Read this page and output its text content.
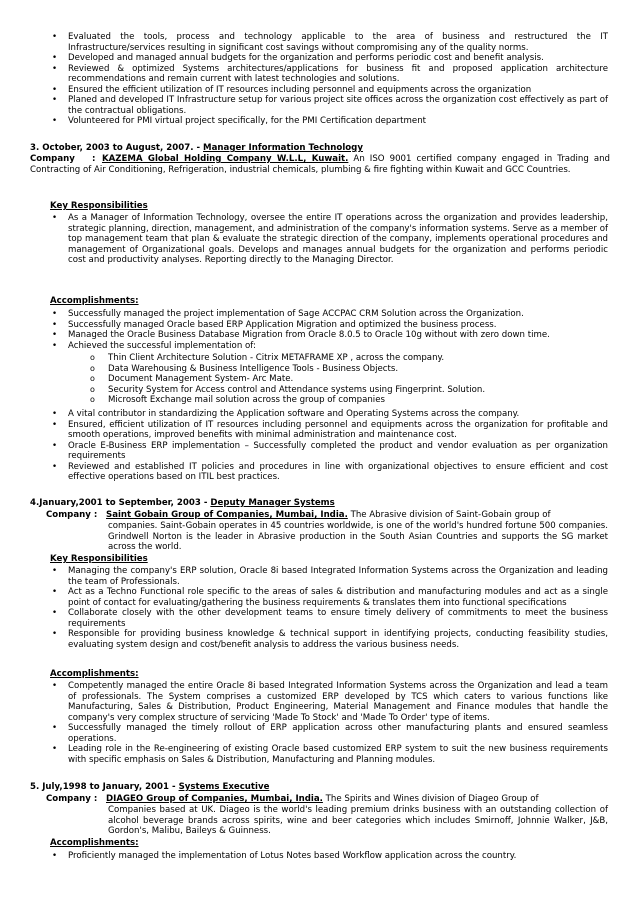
• Evaluated the tools, process and technology applicable to the area of business and restructured the IT Infrastructure/services resulting in significant cost savings without compromising any of the quality norms.
• Developed and managed annual budgets for the organization and performs periodic cost and benefit analysis.
• Reviewed & optimized Systems architectures/applications for business fit and proposed application architecture recommendations and remain current with latest technologies and solutions.
• Ensured the efficient utilization of IT resources including personnel and equipments across the organization
• Planed and developed IT Infrastructure setup for various project site offices across the organization cost effectively as part of the contractual obligations.
• Volunteered for PMI virtual project specifically, for the PMI Certification department
3. October, 2003 to August, 2007. - Manager Information Technology
Company : KAZEMA Global Holding Company W.L.L, Kuwait. An ISO 9001 certified company engaged in Trading and Contracting of Air Conditioning, Refrigeration, industrial chemicals, plumbing & fire fighting within Kuwait and GCC Countries.
Key Responsibilities
• As a Manager of Information Technology, oversee the entire IT operations across the organization and provides leadership, strategic planning, direction, management, and administration of the company's information systems. Serve as a member of top management team that plan & evaluate the strategic direction of the company, implements operational procedures and management of Organizational goals. Develops and manages annual budgets for the organization and performs periodic cost and productivity analyses. Reporting directly to the Managing Director.
Accomplishments:
• Successfully managed the project implementation of Sage ACCPAC CRM Solution across the Organization.
• Successfully managed Oracle based ERP Application Migration and optimized the business process.
• Managed the Oracle Business Database Migration from Oracle 8.0.5 to Oracle 10g without with zero down time.
• Achieved the successful implementation of:
o Thin Client Architecture Solution - Citrix METAFRAME XP , across the company.
o Data Warehousing & Business Intelligence Tools - Business Objects.
o Document Management System- Arc Mate.
o Security System for Access control and Attendance systems using Fingerprint. Solution.
o Microsoft Exchange mail solution across the group of companies
• A vital contributor in standardizing the Application software and Operating Systems across the company.
• Ensured, efficient utilization of IT resources including personnel and equipments across the organization for profitable and smooth operations, improved benefits with minimal administration and maintenance cost.
• Oracle E-Business ERP implementation – Successfully completed the product and vendor evaluation as per organization requirements
• Reviewed and established IT policies and procedures in line with organizational objectives to ensure efficient and cost effective operations based on ITIL best practices.
4.January,2001 to September, 2003 - Deputy Manager Systems
Company : Saint Gobain Group of Companies, Mumbai, India. The Abrasive division of Saint-Gobain group of
companies. Saint-Gobain operates in 45 countries worldwide, is one of the world's hundred fortune 500 companies. Grindwell Norton is the leader in Abrasive production in the South Asian Countries and supports the SG market across the world.
Key Responsibilities
• Managing the company's ERP solution, Oracle 8i based Integrated Information Systems across the Organization and leading the team of Professionals.
• Act as a Techno Functional role specific to the areas of sales & distribution and manufacturing modules and act as a single point of contact for evaluating/gathering the business requirements & translates them into functional specifications
• Collaborate closely with the other development teams to ensure timely delivery of commitments to meet the business requirements
• Responsible for providing business knowledge & technical support in identifying projects, conducting feasibility studies, evaluating system design and cost/benefit analysis to address the various business needs.
Accomplishments:
• Competently managed the entire Oracle 8i based Integrated Information Systems across the Organization and lead a team of professionals. The System comprises a customized ERP developed by TCS which caters to various functions like Manufacturing, Sales & Distribution, Product Engineering, Material Management and Finance modules that handle the company's very complex structure of servicing 'Made To Stock' and 'Made To Order' type of items.
• Successfully managed the timely rollout of ERP application across other manufacturing plants and ensured seamless operations.
• Leading role in the Re-engineering of existing Oracle based customized ERP system to suit the new business requirements with specific emphasis on Sales & Distribution, Manufacturing and Planning modules.
5. July,1998 to January, 2001 - Systems Executive
Company : DIAGEO Group of Companies, Mumbai, India. The Spirits and Wines division of Diageo Group of
Companies based at UK. Diageo is the world's leading premium drinks business with an outstanding collection of alcohol beverage brands across spirits, wine and beer categories which includes Smirnoff, Johnnie Walker, J&B, Gordon's, Malibu, Baileys & Guinness.
Accomplishments:
• Proficiently managed the implementation of Lotus Notes based Workflow application across the country.
